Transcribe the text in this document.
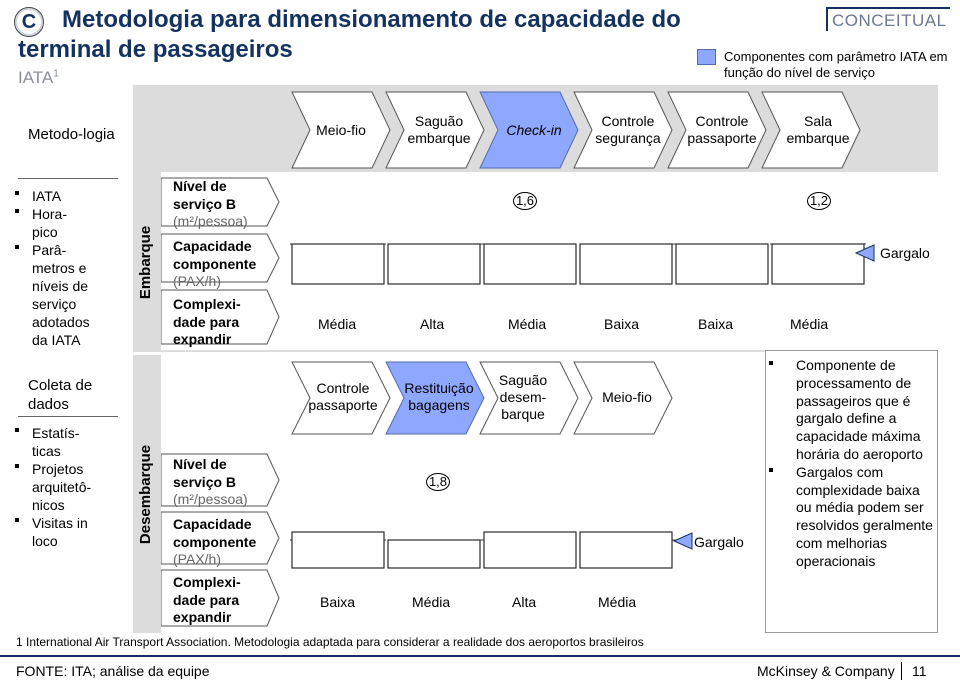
C	Metodologia para dimensionamento de capacidade do terminal de passageiros
IATA$^1$
CONCEITUAL
Componentes com parâmetro IATA em função do nível de serviço
Metodo-logia
IATA
Hora-pico
Parâ-metros e níveis de serviço adotados da IATA
Coleta de dados
Estatís-ticas
Projetos arquitetô-nicos
Visitas in loco
Embarque
Desembarque
Nível de serviço B
(m²/pessoa)
Capacidade componente
(PAX/h)
Complexi-dade para expandir
Nível de serviço B
(m²/pessoa)
Capacidade componente
(PAX/h)
Complexi-dade para expandir
Meio-fio
Saguão embarque
Check-in
Controle segurança
Controle passaporte
Sala embarque
1,6	1,2
Gargalo
Média	Alta	Média	Baixa	Baixa	Média
Controle passaporte
Restituição bagagens
Saguão desem-barque
Meio-fio
1,8
Gargalo
Baixa	Média	Alta	Média
Componente de processamento de passageiros que é gargalo define a capacidade máxima horária do aeroporto
Gargalos com complexidade baixa ou média podem ser resolvidos geralmente com melhorias operacionais
1 International Air Transport Association. Metodologia adaptada para considerar a realidade dos aeroportos brasileiros
FONTE: ITA; análise da equipe	McKinsey & Company 11
